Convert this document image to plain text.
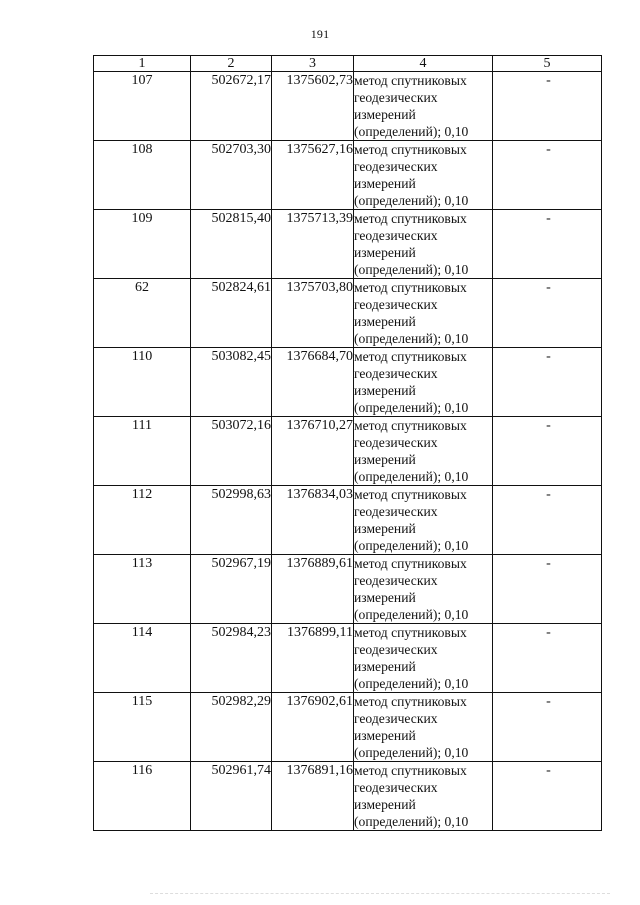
191
1	2	3	4	5
107	502672,17	1375602,73	метод спутниковых
геодезических
измерений
(определений); 0,10	-
108	502703,30	1375627,16	метод спутниковых
геодезических
измерений
(определений); 0,10	-
109	502815,40	1375713,39	метод спутниковых
геодезических
измерений
(определений); 0,10	-
62	502824,61	1375703,80	метод спутниковых
геодезических
измерений
(определений); 0,10	-
110	503082,45	1376684,70	метод спутниковых
геодезических
измерений
(определений); 0,10	-
111	503072,16	1376710,27	метод спутниковых
геодезических
измерений
(определений); 0,10	-
112	502998,63	1376834,03	метод спутниковых
геодезических
измерений
(определений); 0,10	-
113	502967,19	1376889,61	метод спутниковых
геодезических
измерений
(определений); 0,10	-
114	502984,23	1376899,11	метод спутниковых
геодезических
измерений
(определений); 0,10	-
115	502982,29	1376902,61	метод спутниковых
геодезических
измерений
(определений); 0,10	-
116	502961,74	1376891,16	метод спутниковых
геодезических
измерений
(определений); 0,10	-
